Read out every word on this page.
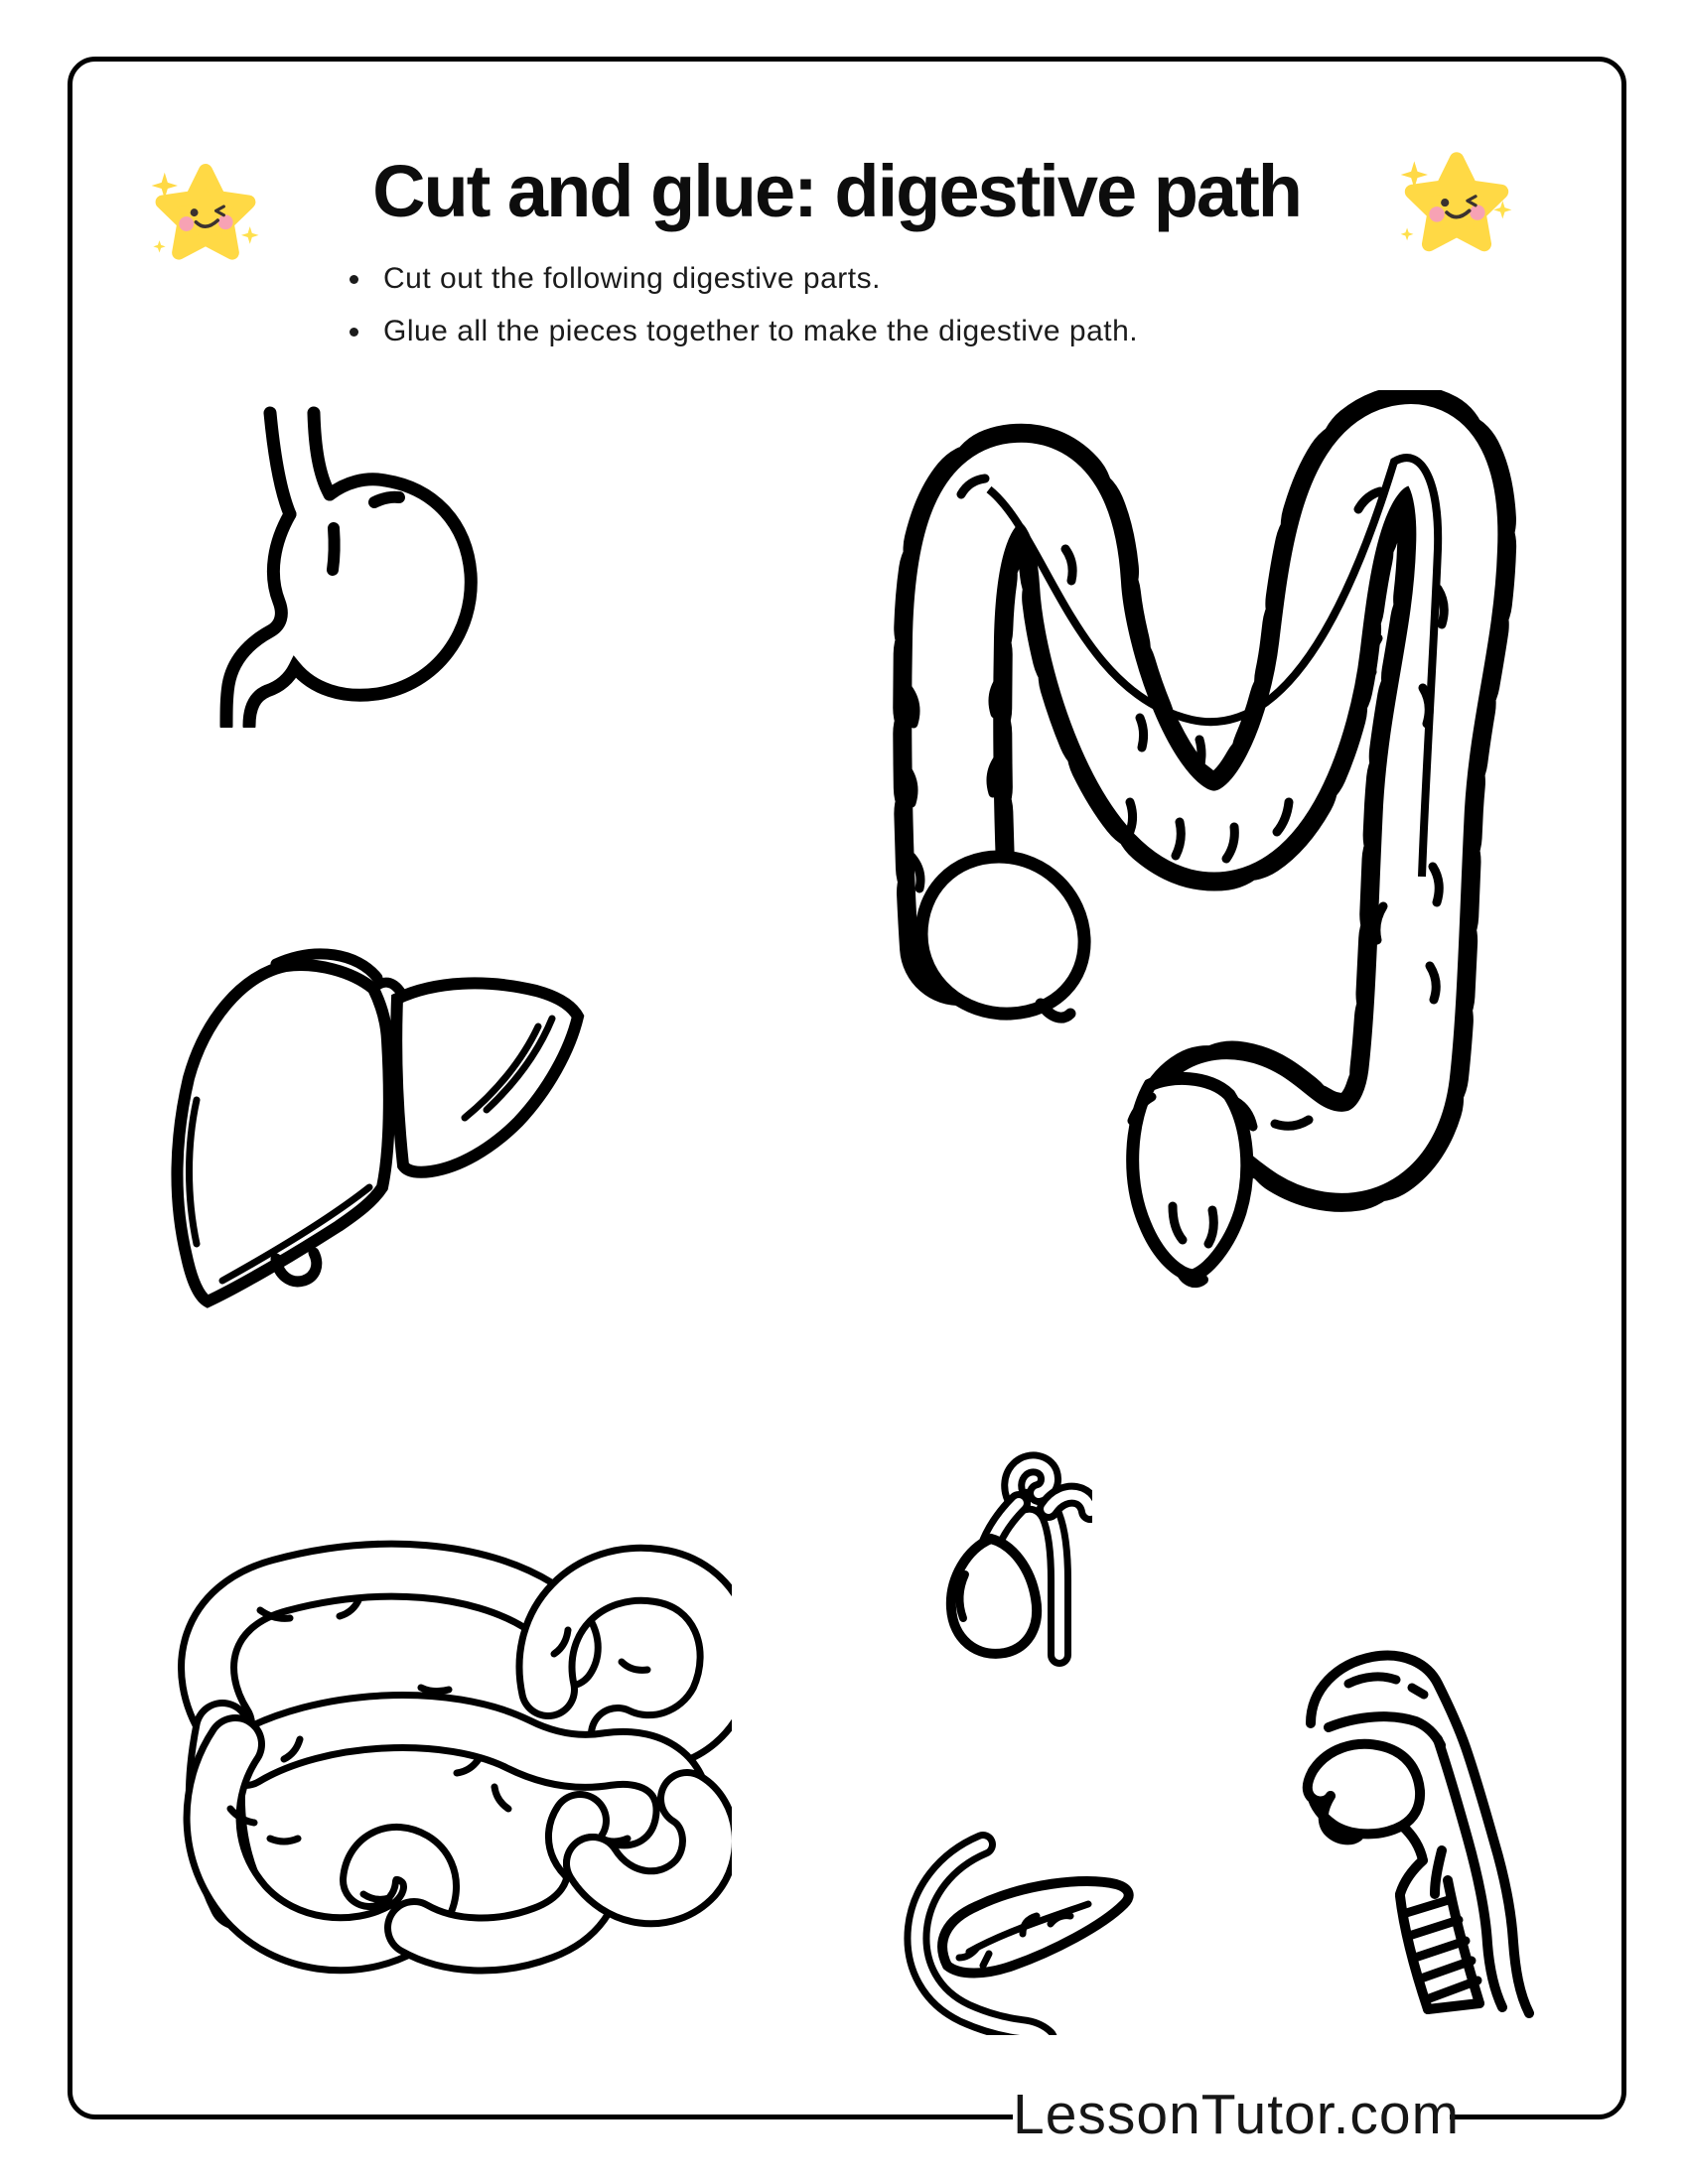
Cut and glue: digestive path
Cut out the following digestive parts.
Glue all the pieces together to make the digestive path.
LessonTutor.com
